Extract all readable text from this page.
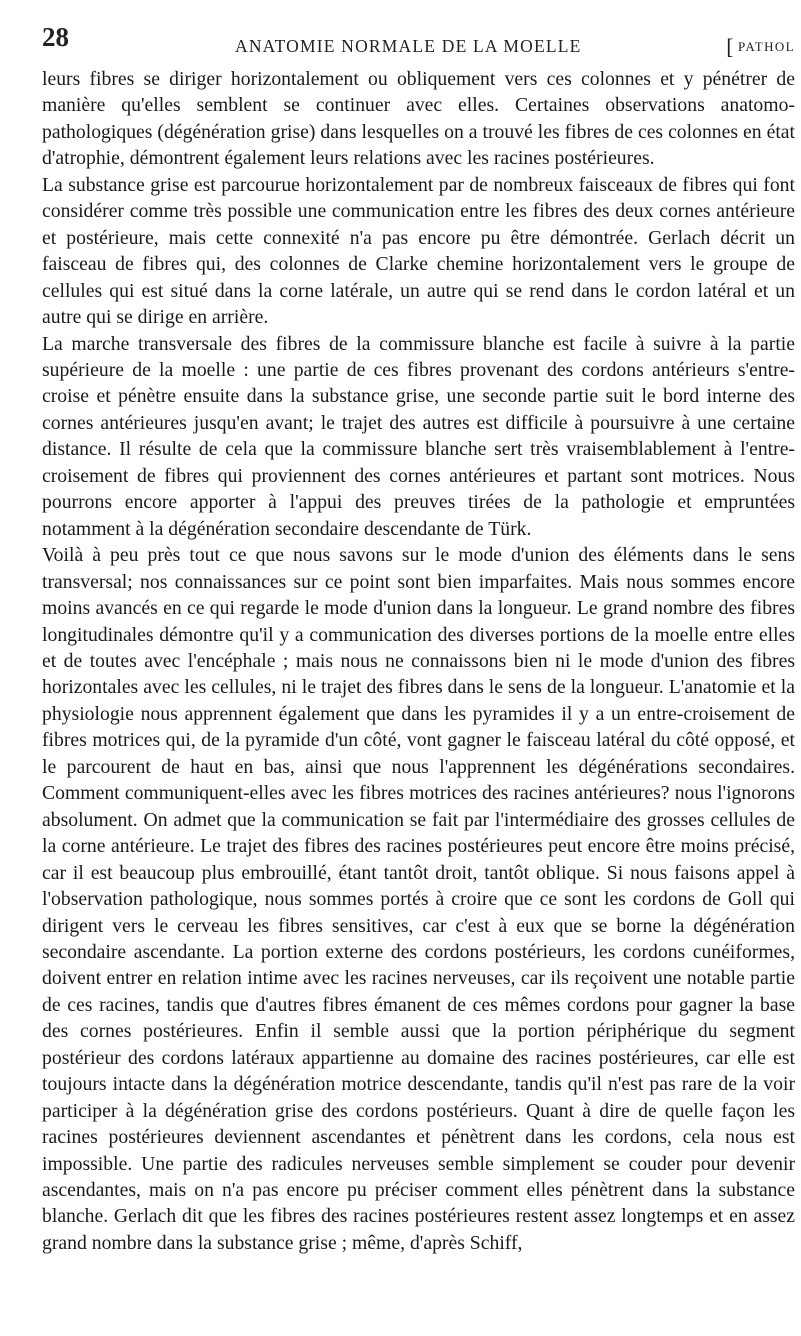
28	ANATOMIE NORMALE DE LA MOELLE	[ PATHOL

leurs fibres se diriger horizontalement ou obliquement vers ces colonnes et y pénétrer de manière qu'elles semblent se continuer avec elles. Certaines observations anatomo-pathologiques (dégénération grise) dans lesquelles on a trouvé les fibres de ces colonnes en état d'atrophie, démontrent également leurs relations avec les racines postérieures.

La substance grise est parcourue horizontalement par de nombreux faisceaux de fibres qui font considérer comme très possible une communication entre les fibres des deux cornes antérieure et postérieure, mais cette connexité n'a pas encore pu être démontrée. Gerlach décrit un faisceau de fibres qui, des colonnes de Clarke chemine horizontalement vers le groupe de cellules qui est situé dans la corne latérale, un autre qui se rend dans le cordon latéral et un autre qui se dirige en arrière.

La marche transversale des fibres de la commissure blanche est facile à suivre à la partie supérieure de la moelle : une partie de ces fibres provenant des cordons antérieurs s'entre-croise et pénètre ensuite dans la substance grise, une seconde partie suit le bord interne des cornes antérieures jusqu'en avant; le trajet des autres est difficile à poursuivre à une certaine distance. Il résulte de cela que la commissure blanche sert très vraisemblablement à l'entre-croisement de fibres qui proviennent des cornes antérieures et partant sont motrices. Nous pourrons encore apporter à l'appui des preuves tirées de la pathologie et empruntées notamment à la dégénération secondaire descendante de Türk.

Voilà à peu près tout ce que nous savons sur le mode d'union des éléments dans le sens transversal; nos connaissances sur ce point sont bien imparfaites. Mais nous sommes encore moins avancés en ce qui regarde le mode d'union dans la longueur. Le grand nombre des fibres longitudinales démontre qu'il y a communication des diverses portions de la moelle entre elles et de toutes avec l'encéphale ; mais nous ne connaissons bien ni le mode d'union des fibres horizontales avec les cellules, ni le trajet des fibres dans le sens de la longueur. L'anatomie et la physiologie nous apprennent également que dans les pyramides il y a un entre-croisement de fibres motrices qui, de la pyramide d'un côté, vont gagner le faisceau latéral du côté opposé, et le parcourent de haut en bas, ainsi que nous l'apprennent les dégénérations secondaires. Comment communiquent-elles avec les fibres motrices des racines antérieures? nous l'ignorons absolument. On admet que la communication se fait par l'intermédiaire des grosses cellules de la corne antérieure. Le trajet des fibres des racines postérieures peut encore être moins précisé, car il est beaucoup plus embrouillé, étant tantôt droit, tantôt oblique. Si nous faisons appel à l'observation pathologique, nous sommes portés à croire que ce sont les cordons de Goll qui dirigent vers le cerveau les fibres sensitives, car c'est à eux que se borne la dégénération secondaire ascendante. La portion externe des cordons postérieurs, les cordons cunéiformes, doivent entrer en relation intime avec les racines nerveuses, car ils reçoivent une notable partie de ces racines, tandis que d'autres fibres émanent de ces mêmes cordons pour gagner la base des cornes postérieures. Enfin il semble aussi que la portion périphérique du segment postérieur des cordons latéraux appartienne au domaine des racines postérieures, car elle est toujours intacte dans la dégénération motrice descendante, tandis qu'il n'est pas rare de la voir participer à la dégénération grise des cordons postérieurs. Quant à dire de quelle façon les racines postérieures deviennent ascendantes et pénètrent dans les cordons, cela nous est impossible. Une partie des radicules nerveuses semble simplement se couder pour devenir ascendantes, mais on n'a pas encore pu préciser comment elles pénètrent dans la substance blanche. Gerlach dit que les fibres des racines postérieures restent assez longtemps et en assez grand nombre dans la substance grise ; même, d'après Schiff,
